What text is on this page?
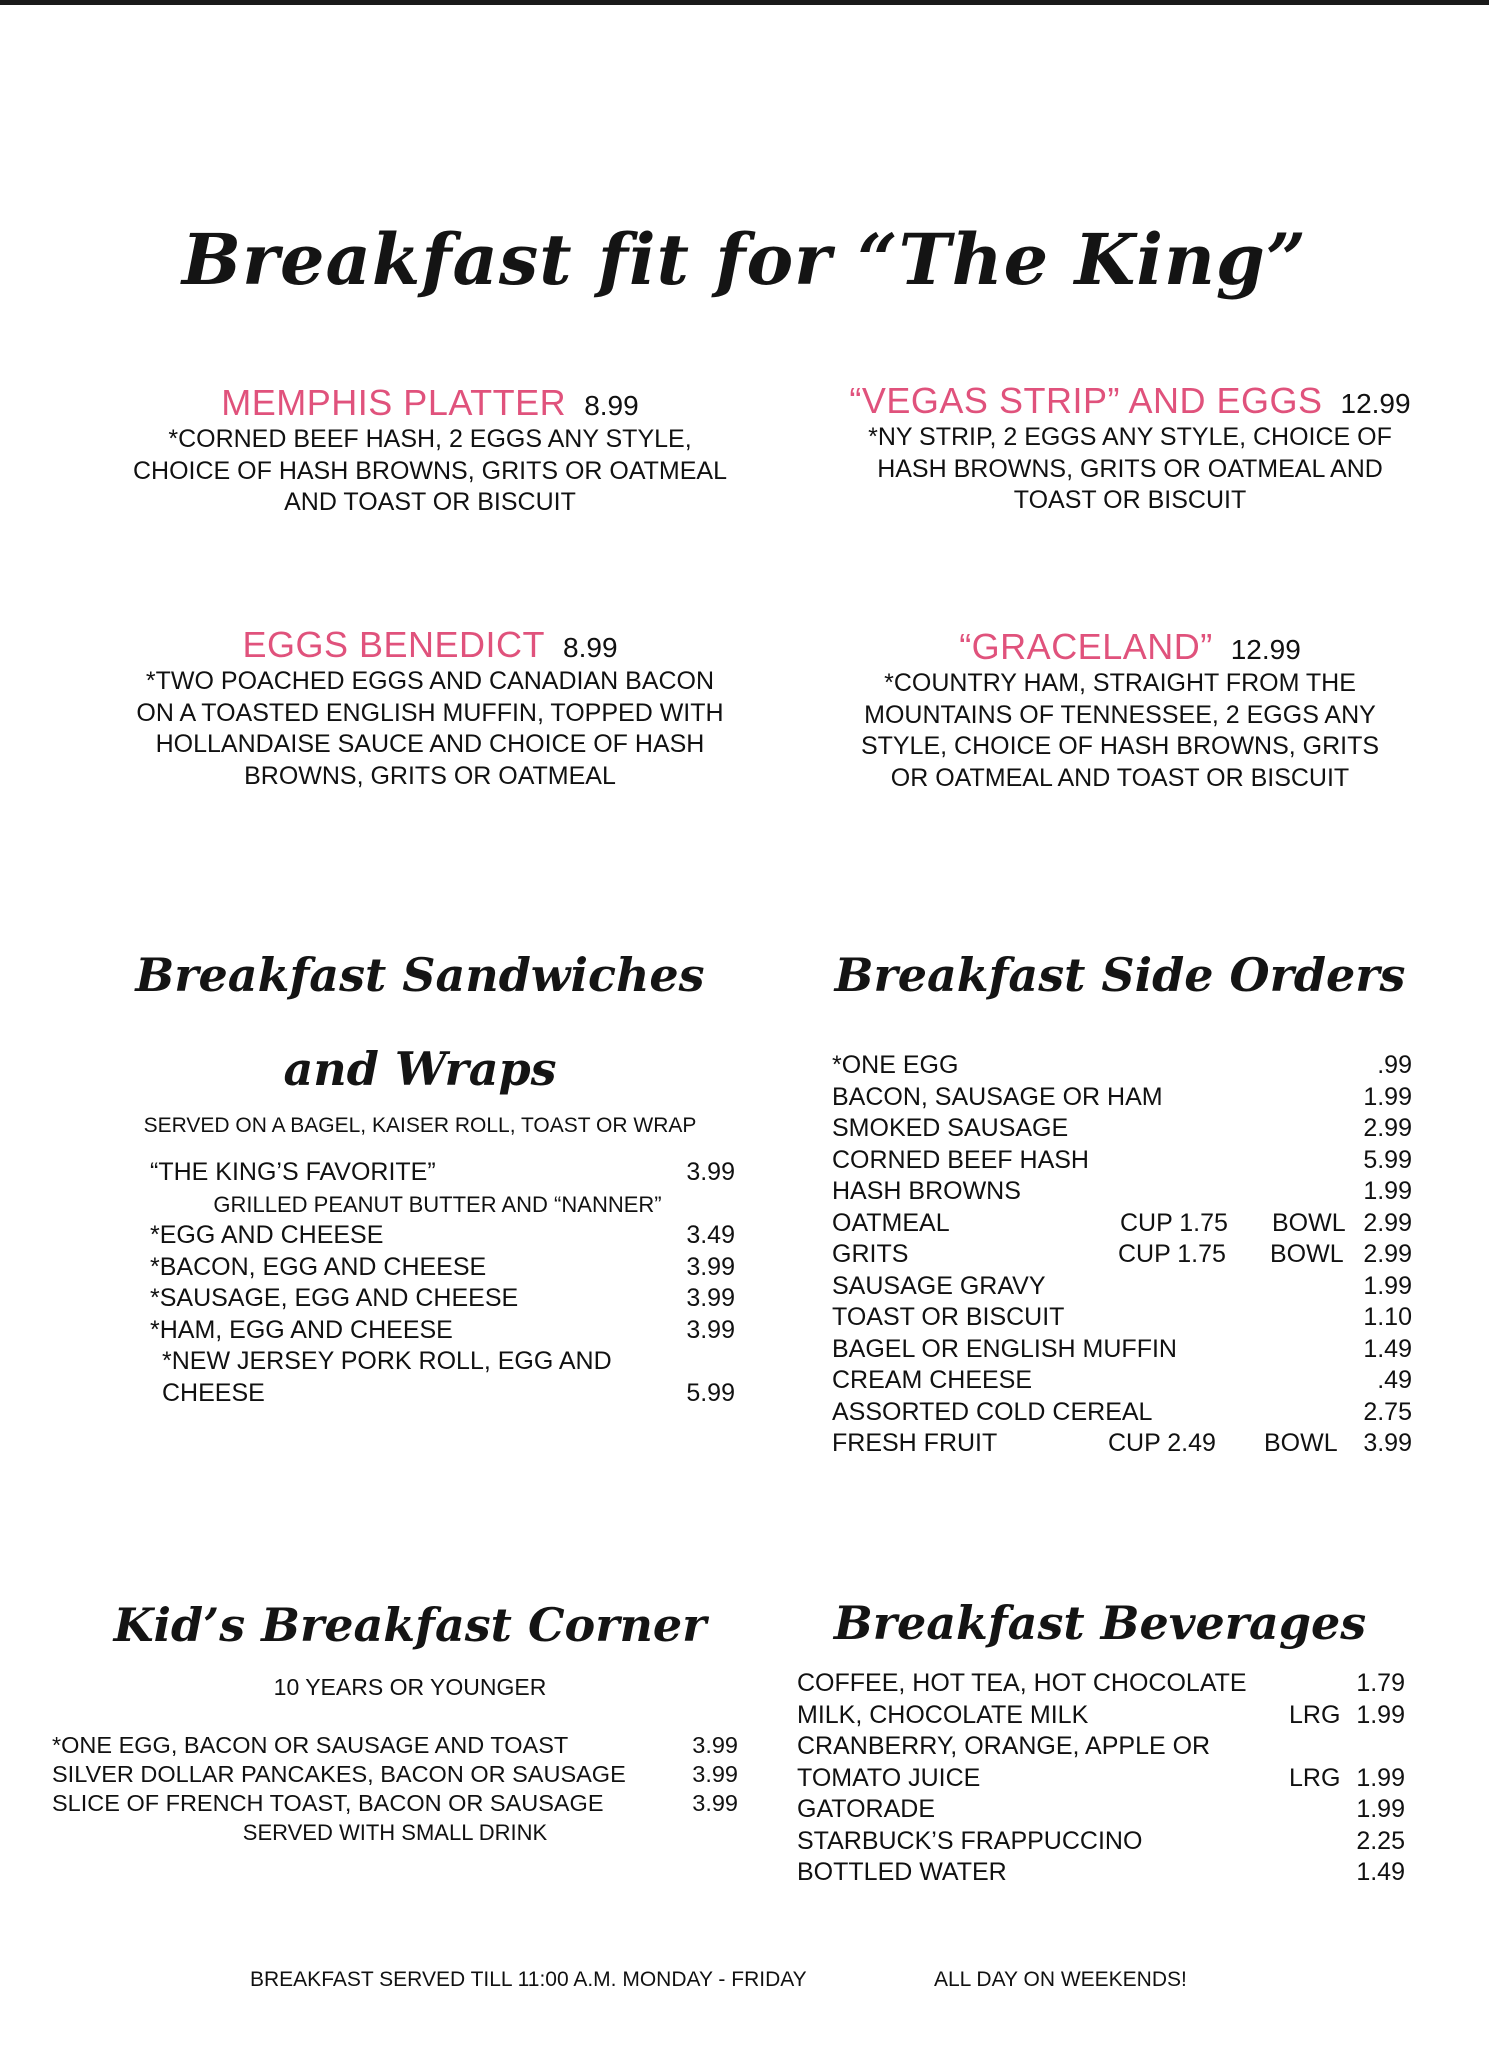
Breakfast fit for “The King”
MEMPHIS PLATTER 8.99
*CORNED BEEF HASH, 2 EGGS ANY STYLE,
CHOICE OF HASH BROWNS, GRITS OR OATMEAL
AND TOAST OR BISCUIT
“VEGAS STRIP” AND EGGS 12.99
*NY STRIP, 2 EGGS ANY STYLE, CHOICE OF
HASH BROWNS, GRITS OR OATMEAL AND
TOAST OR BISCUIT
EGGS BENEDICT 8.99
*TWO POACHED EGGS AND CANADIAN BACON
ON A TOASTED ENGLISH MUFFIN, TOPPED WITH
HOLLANDAISE SAUCE AND CHOICE OF HASH
BROWNS, GRITS OR OATMEAL
“GRACELAND” 12.99
*COUNTRY HAM, STRAIGHT FROM THE
MOUNTAINS OF TENNESSEE, 2 EGGS ANY
STYLE, CHOICE OF HASH BROWNS, GRITS
OR OATMEAL AND TOAST OR BISCUIT
Breakfast Sandwiches
and Wraps
SERVED ON A BAGEL, KAISER ROLL, TOAST OR WRAP
“THE KING’S FAVORITE”	3.99
GRILLED PEANUT BUTTER AND “NANNER”
*EGG AND CHEESE	3.49
*BACON, EGG AND CHEESE	3.99
*SAUSAGE, EGG AND CHEESE	3.99
*HAM, EGG AND CHEESE	3.99
*NEW JERSEY PORK ROLL, EGG AND
CHEESE	5.99
Breakfast Side Orders
*ONE EGG	.99
BACON, SAUSAGE OR HAM	1.99
SMOKED SAUSAGE	2.99
CORNED BEEF HASH	5.99
HASH BROWNS	1.99
OATMEAL	CUP 1.75 BOWL 2.99
GRITS	CUP 1.75 BOWL 2.99
SAUSAGE GRAVY	1.99
TOAST OR BISCUIT	1.10
BAGEL OR ENGLISH MUFFIN	1.49
CREAM CHEESE	.49
ASSORTED COLD CEREAL	2.75
FRESH FRUIT	CUP 2.49 BOWL 3.99
Kid’s Breakfast Corner
10 YEARS OR YOUNGER
*ONE EGG, BACON OR SAUSAGE AND TOAST	3.99
SILVER DOLLAR PANCAKES, BACON OR SAUSAGE	3.99
SLICE OF FRENCH TOAST, BACON OR SAUSAGE	3.99
SERVED WITH SMALL DRINK
Breakfast Beverages
COFFEE, HOT TEA, HOT CHOCOLATE	1.79
MILK, CHOCOLATE MILK	LRG 1.99
CRANBERRY, ORANGE, APPLE OR
TOMATO JUICE	LRG 1.99
GATORADE	1.99
STARBUCK’S FRAPPUCCINO	2.25
BOTTLED WATER	1.49
BREAKFAST SERVED TILL 11:00 A.M. MONDAY - FRIDAY	ALL DAY ON WEEKENDS!
